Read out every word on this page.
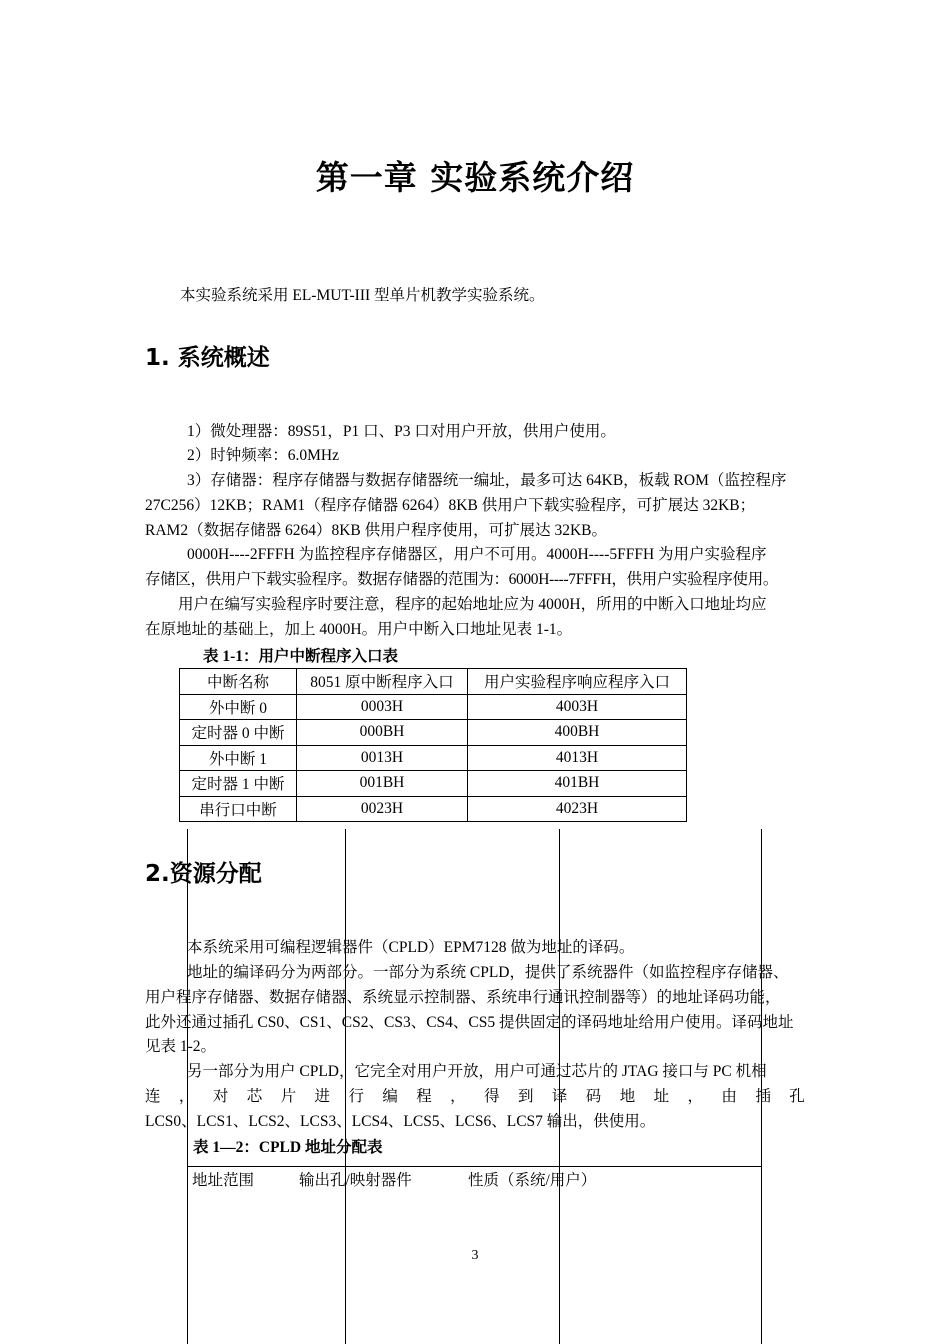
第一章 实验系统介绍
本实验系统采用 EL-MUT-III 型单片机教学实验系统。
1. 系统概述
1）微处理器：89S51，P1 口、P3 口对用户开放，供用户使用。
2）时钟频率：6.0MHz
3）存储器：程序存储器与数据存储器统一编址，最多可达 64KB，板载 ROM（监控程序
27C256）12KB；RAM1（程序存储器 6264）8KB 供用户下载实验程序，可扩展达 32KB；
RAM2（数据存储器 6264）8KB 供用户程序使用，可扩展达 32KB。
0000H----2FFFH 为监控程序存储器区，用户不可用。4000H----5FFFH 为用户实验程序
存储区，供用户下载实验程序。数据存储器的范围为：6000H----7FFFH，供用户实验程序使用。
用户在编写实验程序时要注意，程序的起始地址应为 4000H，所用的中断入口地址均应
在原地址的基础上，加上 4000H。用户中断入口地址见表 1-1。
表 1-1：用户中断程序入口表
中断名称	8051 原中断程序入口	用户实验程序响应程序入口
外中断 0	0003H	4003H
定时器 0 中断	000BH	400BH
外中断 1	0013H	4013H
定时器 1 中断	001BH	401BH
串行口中断	0023H	4023H
2.资源分配
本系统采用可编程逻辑器件（CPLD）EPM7128 做为地址的译码。
地址的编译码分为两部分。一部分为系统 CPLD，提供了系统器件（如监控程序存储器、
用户程序存储器、数据存储器、系统显示控制器、系统串行通讯控制器等）的地址译码功能，
此外还通过插孔 CS0、CS1、CS2、CS3、CS4、CS5 提供固定的译码地址给用户使用。译码地址
见表 1-2。
另一部分为用户 CPLD，它完全对用户开放，用户可通过芯片的 JTAG 接口与 PC 机相
连 ， 对 芯 片 进 行 编 程 ， 得 到 译 码 地 址 ， 由 插 孔
LCS0、LCS1、LCS2、LCS3、LCS4、LCS5、LCS6、LCS7 输出，供使用。
表 1—2：CPLD 地址分配表
地址范围	输出孔/映射器件	性质（系统/用户）
3
